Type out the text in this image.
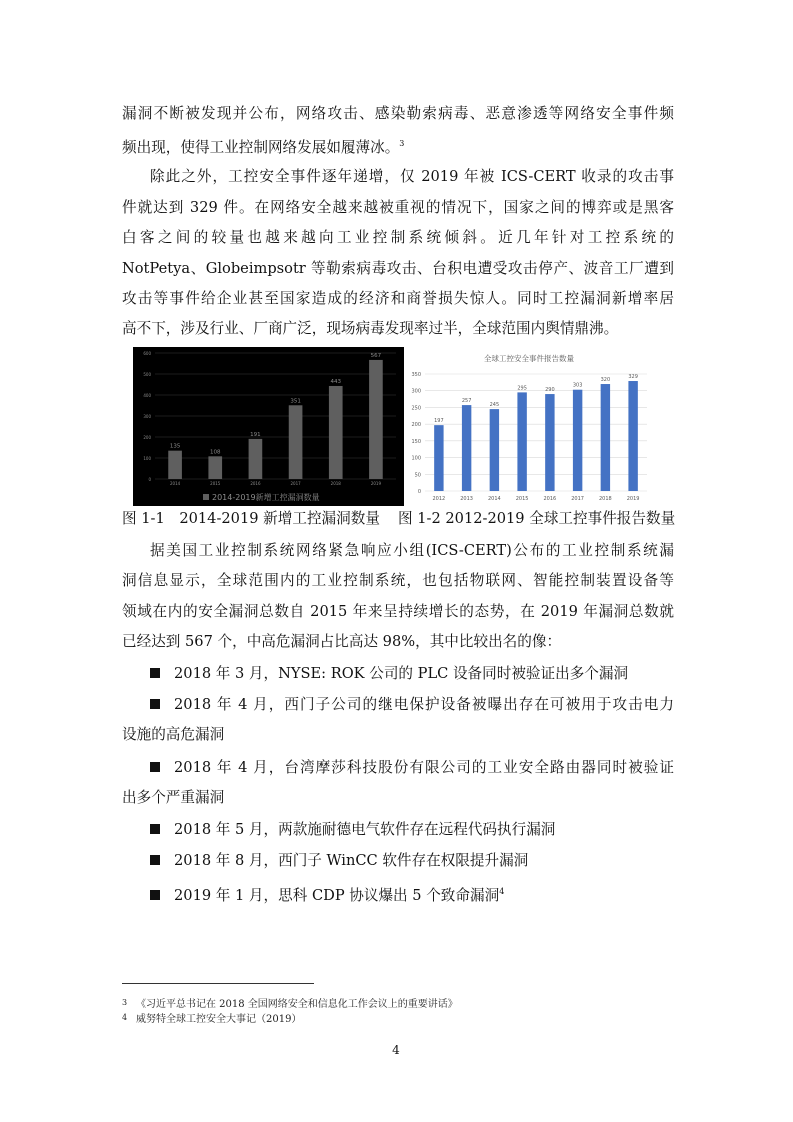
漏洞不断被发现并公布，网络攻击、感染勒索病毒、恶意渗透等网络安全事件频
频出现，使得工业控制网络发展如履薄冰。$^3$
除此之外，工控安全事件逐年递增，仅 2019 年被 ICS-CERT 收录的攻击事
件就达到 329 件。在网络安全越来越被重视的情况下，国家之间的博弈或是黑客
白客之间的较量也越来越向工业控制系统倾斜。近几年针对工控系统的
NotPetya、Globeimpsotr 等勒索病毒攻击、台积电遭受攻击停产、波音工厂遭到
攻击等事件给企业甚至国家造成的经济和商誉损失惊人。同时工控漏洞新增率居
高不下，涉及行业、厂商广泛，现场病毒发现率过半，全球范围内舆情鼎沸。
0
100
200
300
400
500
600
135
2014
108
2015
191
2016
351
2017
443
2018
567
2019
2014-2019新增工控漏洞数量
全球工控安全事件报告数量
0
50
100
150
200
250
300
350
197
2012
257
2013
245
2014
295
2015
290
2016
303
2017
320
2018
329
2019
图 1-1　2014-2019 新增工控漏洞数量 图 1-2 2012-2019 全球工控事件报告数量
据美国工业控制系统网络紧急响应小组(ICS-CERT)公布的工业控制系统漏
洞信息显示，全球范围内的工业控制系统，也包括物联网、智能控制装置设备等
领域在内的安全漏洞总数自 2015 年来呈持续增长的态势，在 2019 年漏洞总数就
已经达到 567 个，中高危漏洞占比高达 98%，其中比较出名的像：
2018 年 3 月，NYSE: ROK 公司的 PLC 设备同时被验证出多个漏洞
2018 年 4 月，西门子公司的继电保护设备被曝出存在可被用于攻击电力
设施的高危漏洞
2018 年 4 月，台湾摩莎科技股份有限公司的工业安全路由器同时被验证
出多个严重漏洞
2018 年 5 月，两款施耐德电气软件存在远程代码执行漏洞
2018 年 8 月，西门子 WinCC 软件存在权限提升漏洞
2019 年 1 月，思科 CDP 协议爆出 5 个致命漏洞$^4$
3 《习近平总书记在 2018 全国网络安全和信息化工作会议上的重要讲话》
4 威努特全球工控安全大事记（2019）
4
